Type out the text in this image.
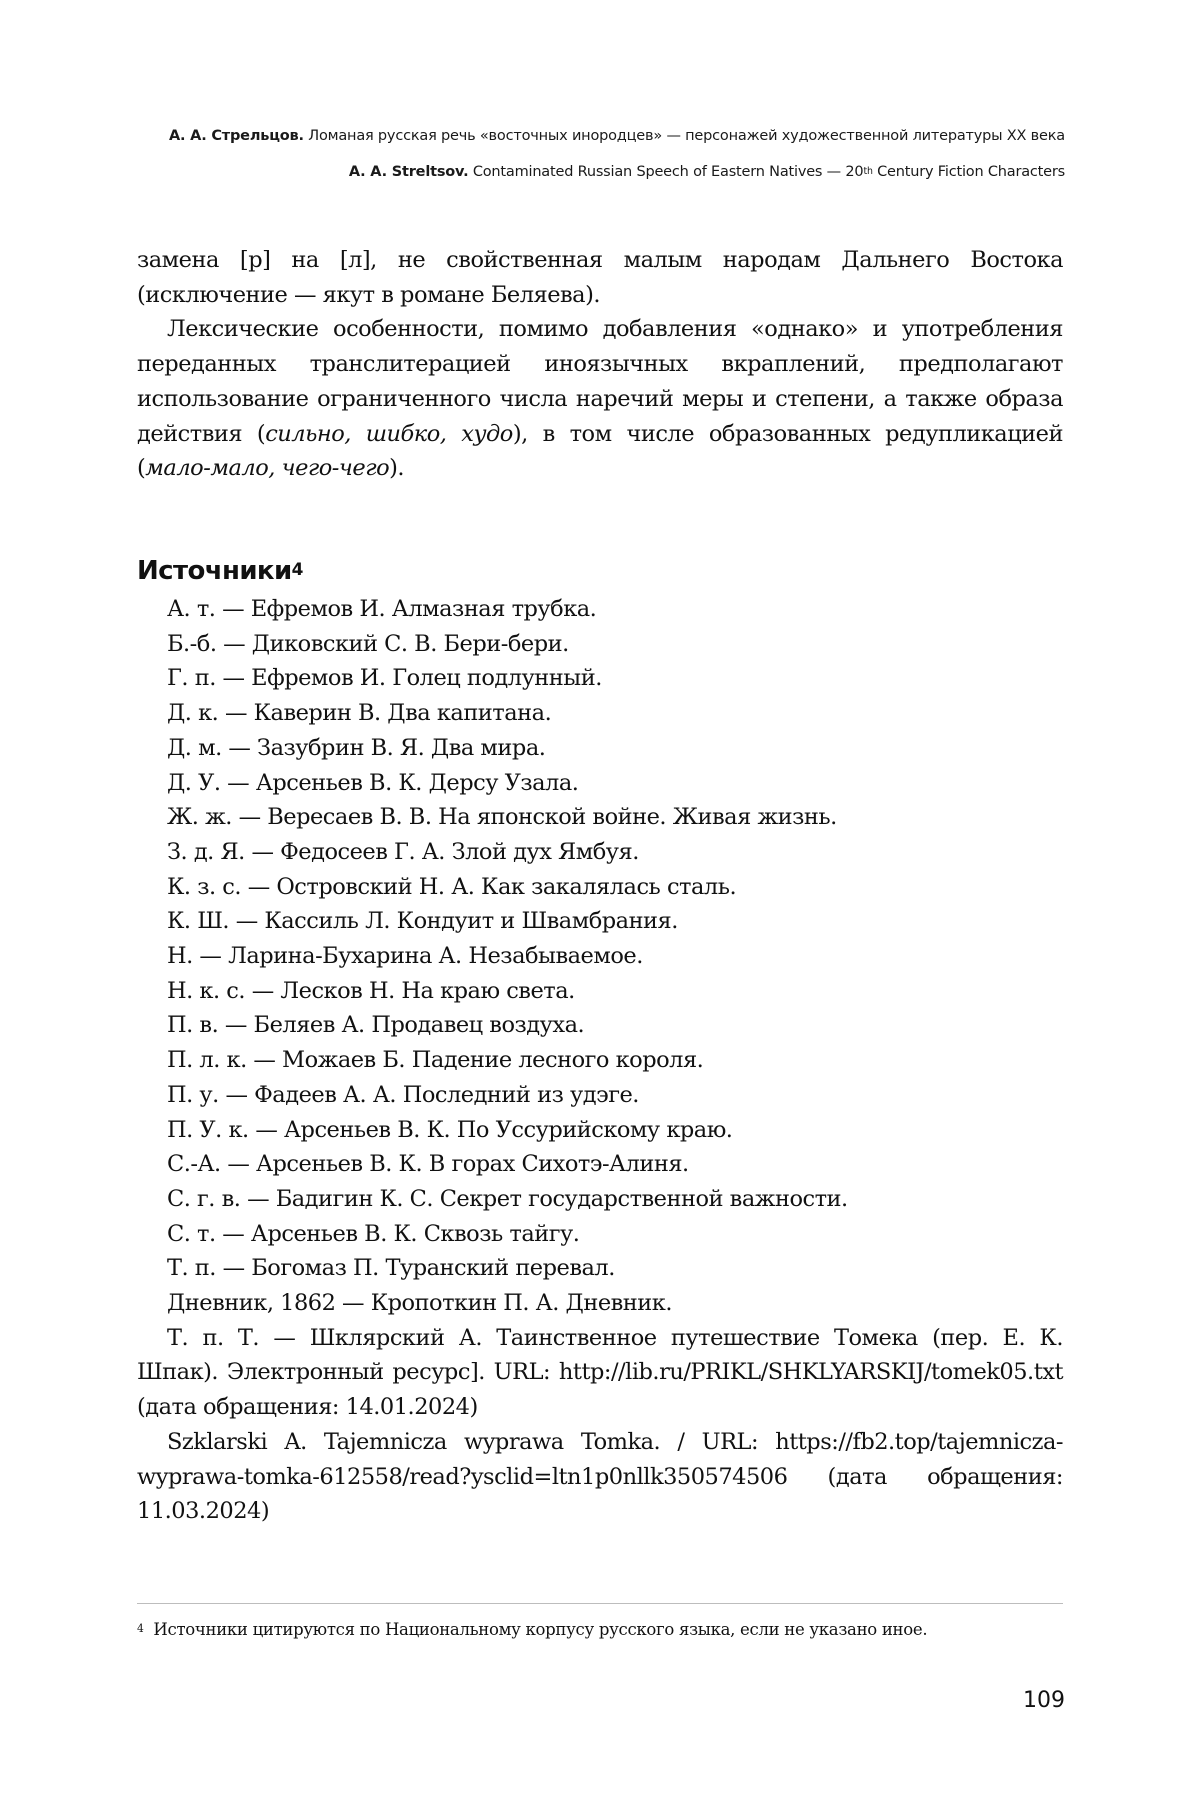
А. А. Стрельцов. Ломаная русская речь «восточных инородцев» — персонажей художественной литературы XX века
A. A. Streltsov. Contaminated Russian Speech of Eastern Natives — 20th Century Fiction Characters

замена [р] на [л], не свойственная малым народам Дальнего Востока (исключение — якут в романе Беляева).

Лексические особенности, помимо добавления «однако» и употребления переданных транслитерацией иноязычных вкраплений, предполагают использование ограниченного числа наречий меры и степени, а также образа действия (сильно, шибко, худо), в том числе образованных редупликацией (мало-мало, чего-чего).

Источники$^4$
А. т. — Ефремов И. Алмазная трубка.
Б.-б. — Диковский С. В. Бери-бери.
Г. п. — Ефремов И. Голец подлунный.
Д. к. — Каверин В. Два капитана.
Д. м. — Зазубрин В. Я. Два мира.
Д. У. — Арсеньев В. К. Дерсу Узала.
Ж. ж. — Вересаев В. В. На японской войне. Живая жизнь.
З. д. Я. — Федосеев Г. А. Злой дух Ямбуя.
К. з. с. — Островский Н. А. Как закалялась сталь.
К. Ш. — Кассиль Л. Кондуит и Швамбрания.
Н. — Ларина-Бухарина А. Незабываемое.
Н. к. с. — Лесков Н. На краю света.
П. в. — Беляев А. Продавец воздуха.
П. л. к. — Можаев Б. Падение лесного короля.
П. у. — Фадеев А. А. Последний из удэге.
П. У. к. — Арсеньев В. К. По Уссурийскому краю.
С.-А. — Арсеньев В. К. В горах Сихотэ-Алиня.
С. г. в. — Бадигин К. С. Секрет государственной важности.
С. т. — Арсеньев В. К. Сквозь тайгу.
Т. п. — Богомаз П. Туранский перевал.
Дневник, 1862 — Кропоткин П. А. Дневник.
Т. п. Т. — Шклярский А. Таинственное путешествие Томека (пер. Е. К. Шпак). Электронный ресурс]. URL: http://lib.ru/PRIKL/SHKLYARSKIJ/tomek05.txt (дата обращения: 14.01.2024)
Szklarski A. Tajemnicza wyprawa Tomka. / URL: https://fb2.top/tajemnicza-wyprawa-tomka-612558/read?ysclid=ltn1p0nllk350574506 (дата обращения: 11.03.2024)
$^4$ Источники цитируются по Национальному корпусу русского языка, если не указано иное.
109
